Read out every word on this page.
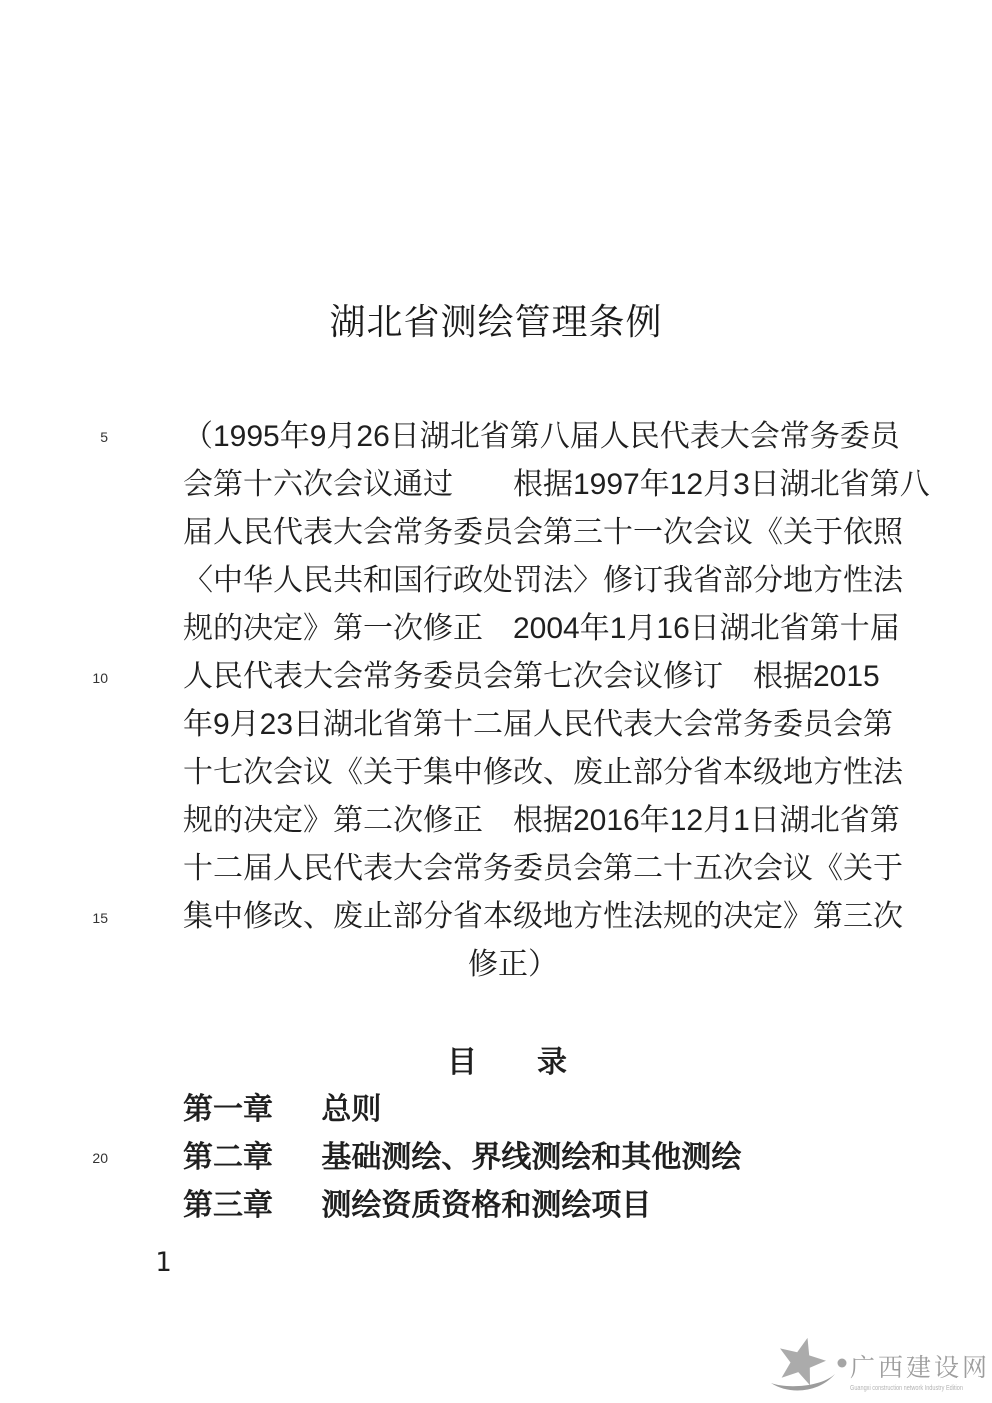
湖北省测绘管理条例
5
10
15
20
（1995年9月26日湖北省第八届人民代表大会常务委员
会第十六次会议通过　　根据1997年12月3日湖北省第八
届人民代表大会常务委员会第三十一次会议《关于依照
〈中华人民共和国行政处罚法〉修订我省部分地方性法
规的决定》第一次修正　2004年1月16日湖北省第十届
人民代表大会常务委员会第七次会议修订　根据2015
年9月23日湖北省第十二届人民代表大会常务委员会第
十七次会议《关于集中修改、废止部分省本级地方性法
规的决定》第二次修正　根据2016年12月1日湖北省第
十二届人民代表大会常务委员会第二十五次会议《关于
集中修改、废止部分省本级地方性法规的决定》第三次
修正）
目　　录
第一章 总则
第二章 基础测绘、界线测绘和其他测绘
第三章 测绘资质资格和测绘项目
1
广西建设网
Guangxi construction network Industry Edition
